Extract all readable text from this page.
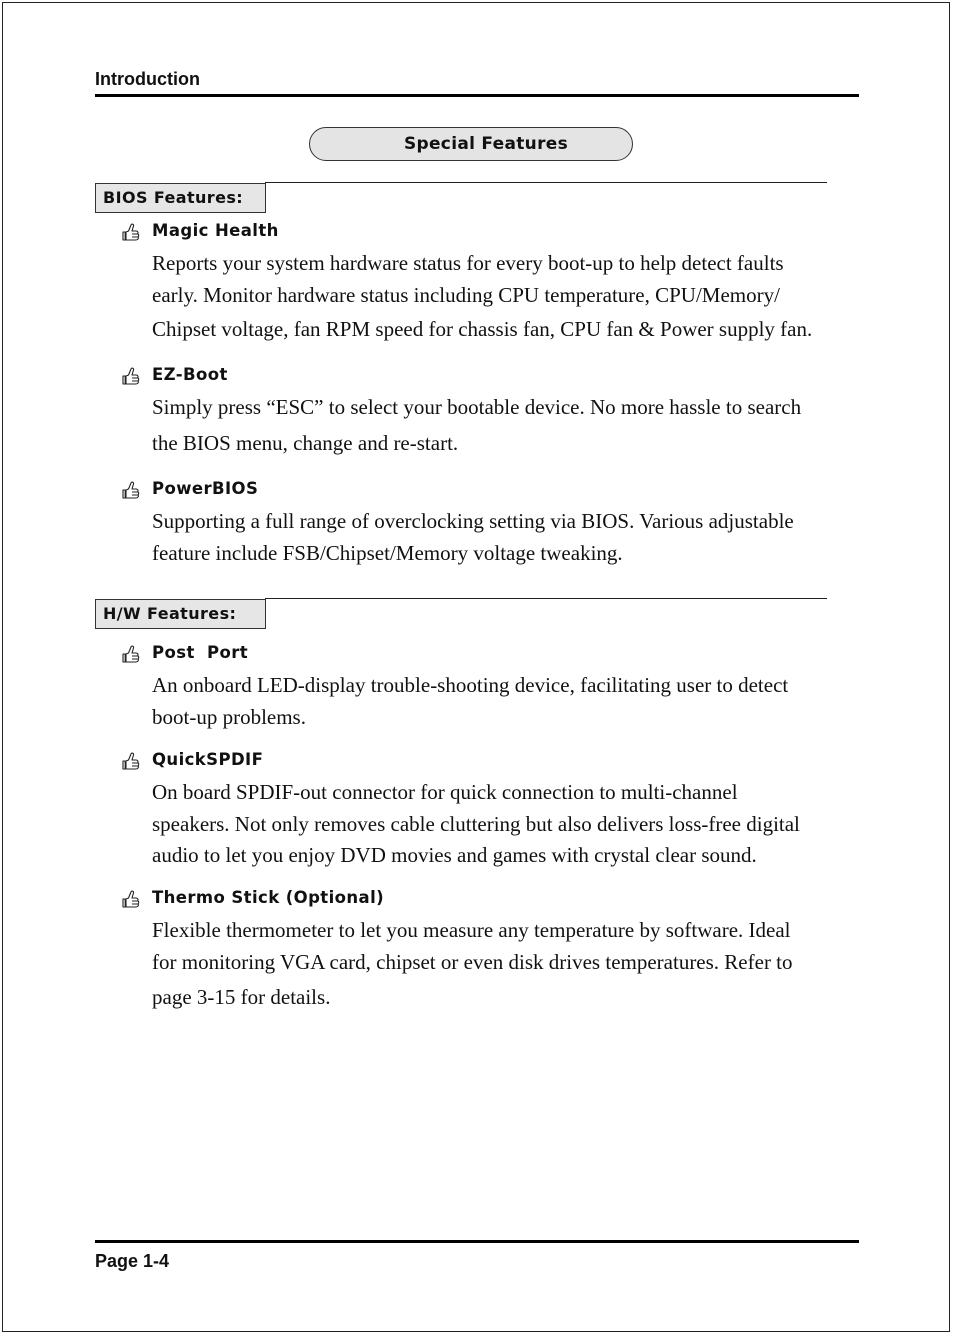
Introduction
Special Features
BIOS Features:
Magic Health
Reports your system hardware status for every boot-up to help detect faults
early. Monitor hardware status including CPU temperature, CPU/Memory/
Chipset voltage, fan RPM speed for chassis fan, CPU fan & Power supply fan.
EZ-Boot
Simply press “ESC” to select your bootable device. No more hassle to search
the BIOS menu, change and re-start.
PowerBIOS
Supporting a full range of overclocking setting via BIOS. Various adjustable
feature include FSB/Chipset/Memory voltage tweaking.
H/W Features:
Post  Port
An onboard LED-display trouble-shooting device, facilitating user to detect
boot-up problems.
QuickSPDIF
On board SPDIF-out connector for quick connection to multi-channel
speakers. Not only removes cable cluttering but also delivers loss-free digital
audio to let you enjoy DVD movies and games with crystal clear sound.
Thermo Stick (Optional)
Flexible thermometer to let you measure any temperature by software. Ideal
for monitoring VGA card, chipset or even disk drives temperatures. Refer to
page 3-15 for details.
Page 1-4
